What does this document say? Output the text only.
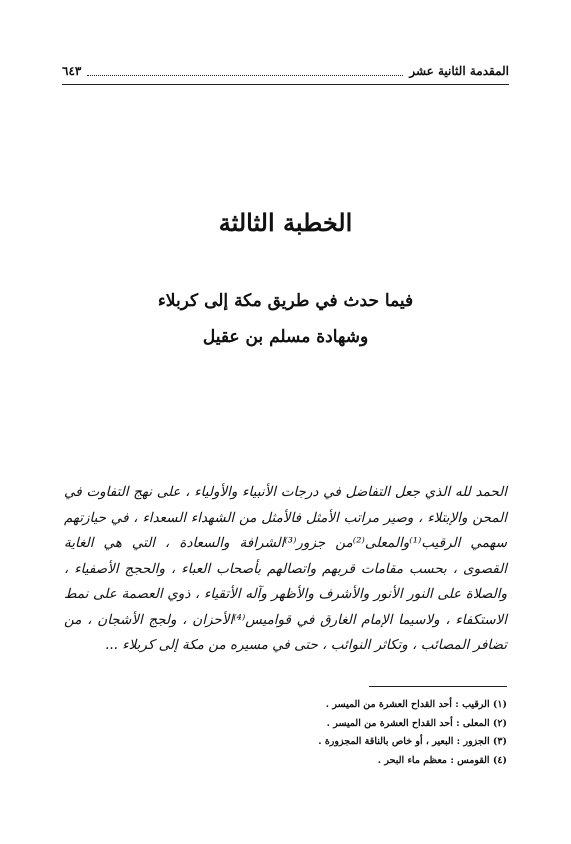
المقدمة الثانية عشر
٦٤٣
الخطبة الثالثة
فيما حدث في طريق مكة إلى كربلاء
وشهادة مسلم بن عقيل
الحمد لله الذي جعل التفاضل في درجات الأنبياء والأولياء ، على نهج التفاوت في المحن والإبتلاء ، وصير مراتب الأمثل فالأمثل من الشهداء السعداء ، في حيازتهم سهمي الرقيب⁽¹⁾والمعلى⁽²⁾من جزور⁽³⁾الشرافة والسعادة ، التي هي الغاية القصوى ، بحسب مقامات قربهم واتصالهم بأصحاب العباء ، والحجج الأصفياء ، والصلاة على النور الأنور والأشرف والأظهر وآله الأتقياء ، ذوي العصمة على نمط الاستكفاء ، ولاسيما الإمام الغارق في قواميس⁽⁴⁾الأحزان ، ولجج الأشجان ، من تضافر المصائب ، وتكاثر النوائب ، حتى في مسيره من مكة إلى كربلاء ...
(١) الرقيب : أحد القداح العشرة من الميسر .
(٢) المعلى : أحد القداح العشرة من الميسر .
(٣) الجزور : البعير ، أو خاص بالناقة المجزورة .
(٤) القومس : معظم ماء البحر .
